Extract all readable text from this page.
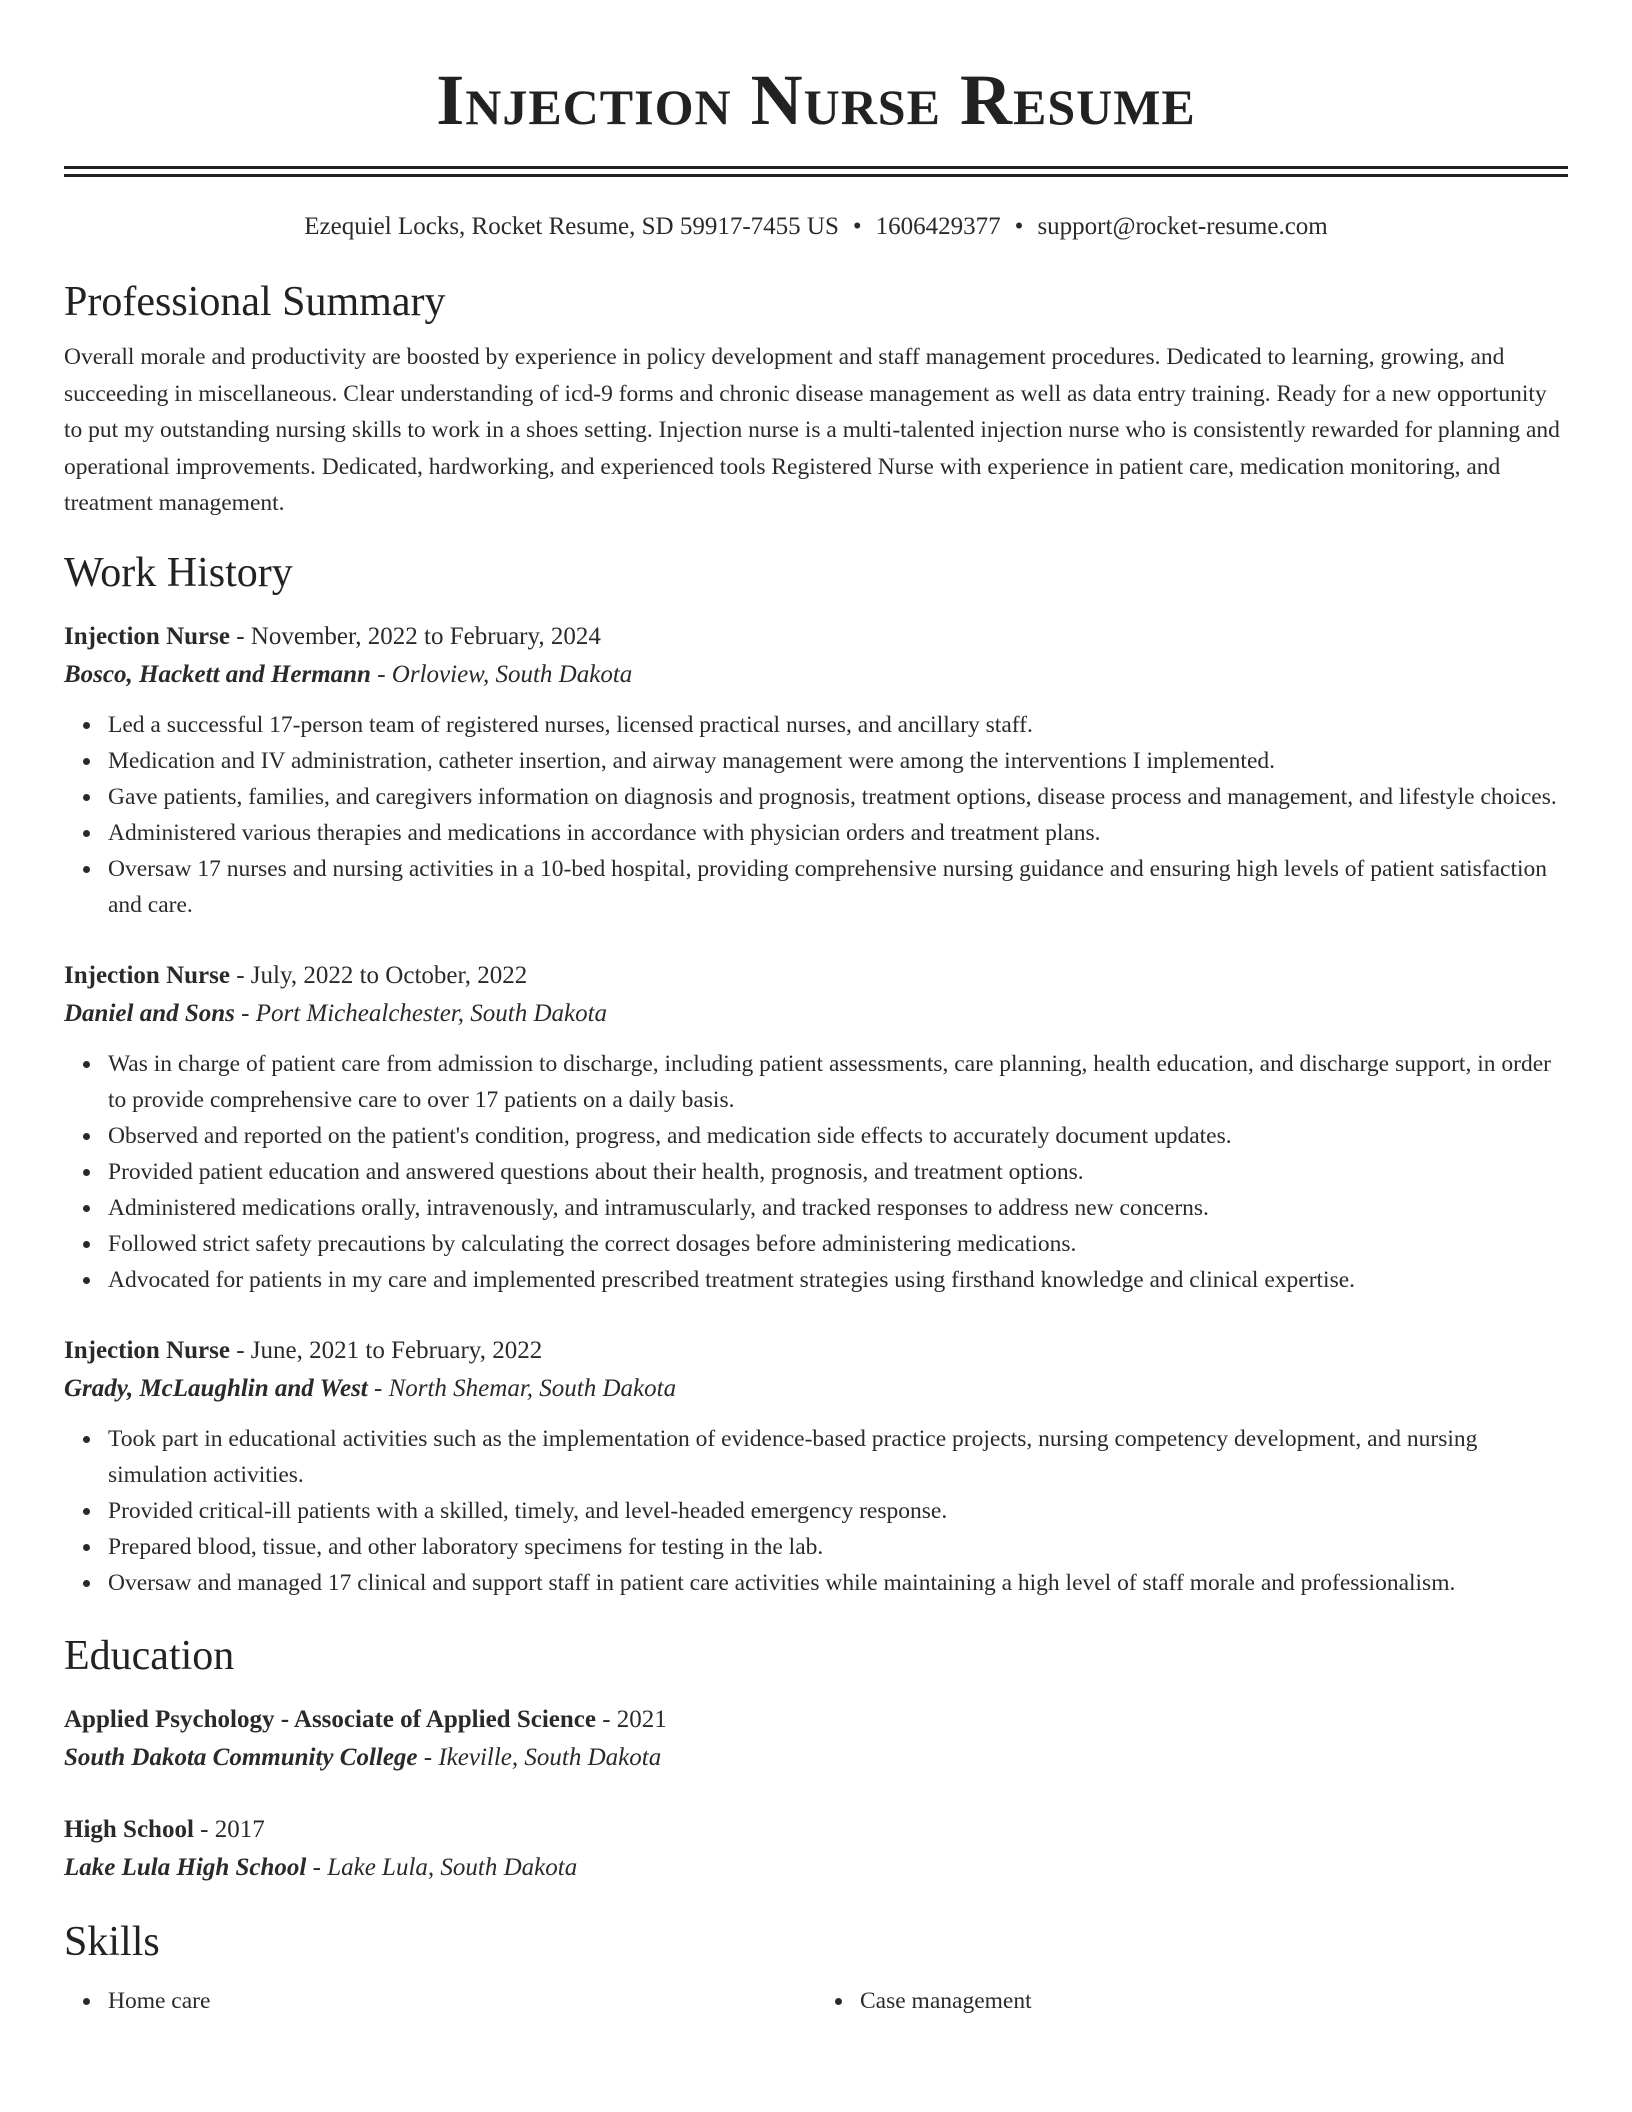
Injection Nurse Resume
Ezequiel Locks, Rocket Resume, SD 59917-7455 US • 1606429377 • support@rocket-resume.com
Professional Summary

Overall morale and productivity are boosted by experience in policy development and staff management procedures. Dedicated to learning, growing, and succeeding in miscellaneous. Clear understanding of icd-9 forms and chronic disease management as well as data entry training. Ready for a new opportunity to put my outstanding nursing skills to work in a shoes setting. Injection nurse is a multi-talented injection nurse who is consistently rewarded for planning and operational improvements. Dedicated, hardworking, and experienced tools Registered Nurse with experience in patient care, medication monitoring, and treatment management.

Work History

Injection Nurse - November, 2022 to February, 2024

Bosco, Hackett and Hermann - Orloview, South Dakota

Led a successful 17-person team of registered nurses, licensed practical nurses, and ancillary staff.
Medication and IV administration, catheter insertion, and airway management were among the interventions I implemented.
Gave patients, families, and caregivers information on diagnosis and prognosis, treatment options, disease process and management, and lifestyle choices.
Administered various therapies and medications in accordance with physician orders and treatment plans.
Oversaw 17 nurses and nursing activities in a 10-bed hospital, providing comprehensive nursing guidance and ensuring high levels of patient satisfaction and care.

Injection Nurse - July, 2022 to October, 2022

Daniel and Sons - Port Michealchester, South Dakota

Was in charge of patient care from admission to discharge, including patient assessments, care planning, health education, and discharge support, in order to provide comprehensive care to over 17 patients on a daily basis.
Observed and reported on the patient's condition, progress, and medication side effects to accurately document updates.
Provided patient education and answered questions about their health, prognosis, and treatment options.
Administered medications orally, intravenously, and intramuscularly, and tracked responses to address new concerns.
Followed strict safety precautions by calculating the correct dosages before administering medications.
Advocated for patients in my care and implemented prescribed treatment strategies using firsthand knowledge and clinical expertise.

Injection Nurse - June, 2021 to February, 2022

Grady, McLaughlin and West - North Shemar, South Dakota

Took part in educational activities such as the implementation of evidence-based practice projects, nursing competency development, and nursing simulation activities.
Provided critical-ill patients with a skilled, timely, and level-headed emergency response.
Prepared blood, tissue, and other laboratory specimens for testing in the lab.
Oversaw and managed 17 clinical and support staff in patient care activities while maintaining a high level of staff morale and professionalism.
Education

Applied Psychology - Associate of Applied Science - 2021

South Dakota Community College - Ikeville, South Dakota

High School - 2017

Lake Lula High School - Lake Lula, South Dakota

Skills
Home care	Case management
